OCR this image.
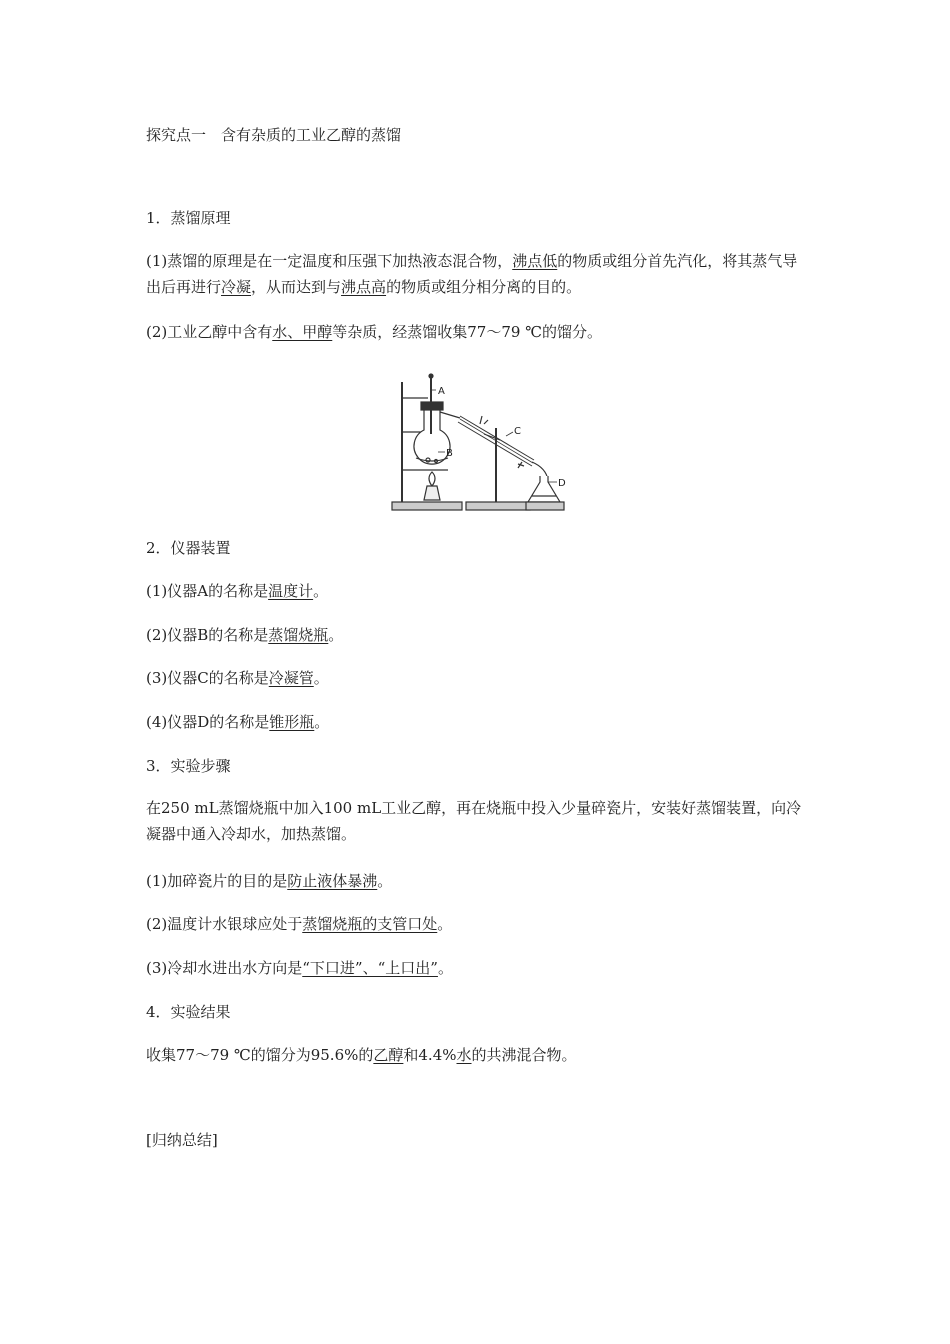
探究点一　含有杂质的工业乙醇的蒸馏
1．蒸馏原理
(1)蒸馏的原理是在一定温度和压强下加热液态混合物，沸点低的物质或组分首先汽化，将其蒸气导出后再进行冷凝，从而达到与沸点高的物质或组分相分离的目的。
(2)工业乙醇中含有水、甲醇等杂质，经蒸馏收集77～79 ℃的馏分。
A
B
C
D
2．仪器装置
(1)仪器A的名称是温度计。
(2)仪器B的名称是蒸馏烧瓶。
(3)仪器C的名称是冷凝管。
(4)仪器D的名称是锥形瓶。
3．实验步骤
在250 mL蒸馏烧瓶中加入100 mL工业乙醇，再在烧瓶中投入少量碎瓷片，安装好蒸馏装置，向冷凝器中通入冷却水，加热蒸馏。
(1)加碎瓷片的目的是防止液体暴沸。
(2)温度计水银球应处于蒸馏烧瓶的支管口处。
(3)冷却水进出水方向是“下口进”、“上口出”。
4．实验结果
收集77～79 ℃的馏分为95.6%的乙醇和4.4%水的共沸混合物。
[归纳总结]
